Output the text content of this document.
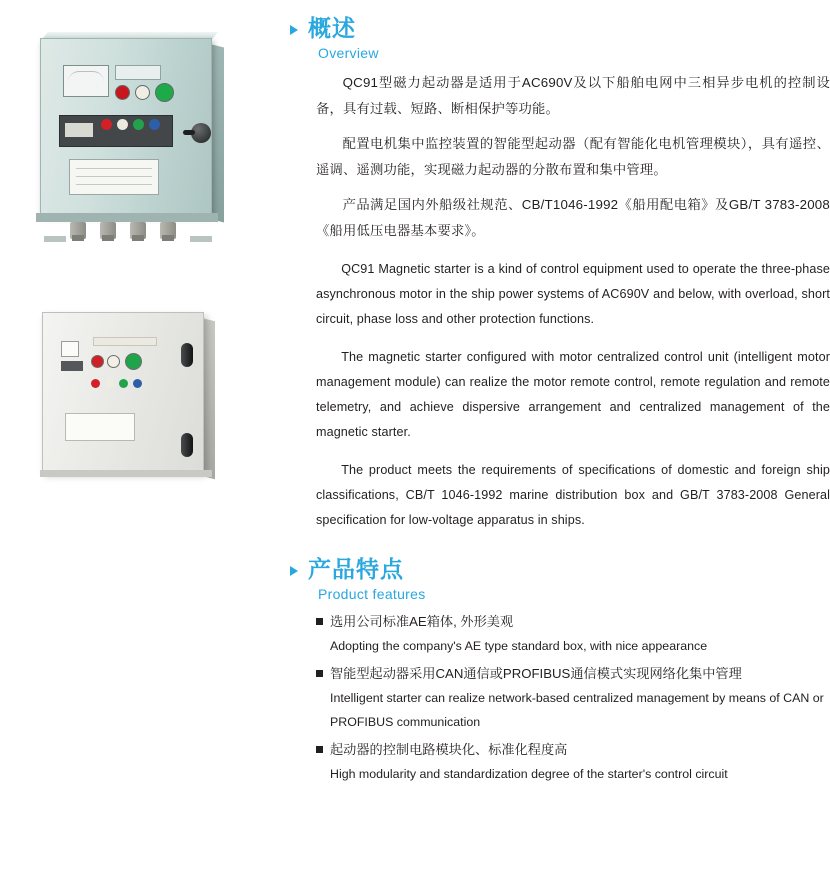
概述
Overview

QC91型磁力起动器是适用于AC690V及以下船舶电网中三相异步电机的控制设备，具有过载、短路、断相保护等功能。

配置电机集中监控装置的智能型起动器（配有智能化电机管理模块），具有遥控、遥调、遥测功能，实现磁力起动器的分散布置和集中管理。

产品满足国内外船级社规范、CB/T1046-1992《船用配电箱》及GB/T 3783-2008《船用低压电器基本要求》。

QC91 Magnetic starter is a kind of control equipment used to operate the three-phase asynchronous motor in the ship power systems of AC690V and below, with overload, short circuit, phase loss and other protection functions.

The magnetic starter configured with motor centralized control unit (intelligent motor management module) can realize the motor remote control, remote regulation and remote telemetry, and achieve dispersive arrangement and centralized management of the magnetic starter.

The product meets the requirements of specifications of domestic and foreign ship classifications, CB/T 1046-1992 marine distribution box and GB/T 3783-2008 General specification for low-voltage apparatus in ships.

产品特点
Product features
选用公司标准AE箱体, 外形美观
Adopting the company's AE type standard box, with nice appearance
智能型起动器采用CAN通信或PROFIBUS通信模式实现网络化集中管理
Intelligent starter can realize network-based centralized management by means of CAN or PROFIBUS communication
起动器的控制电路模块化、标准化程度高
High modularity and standardization degree of the starter's control circuit
